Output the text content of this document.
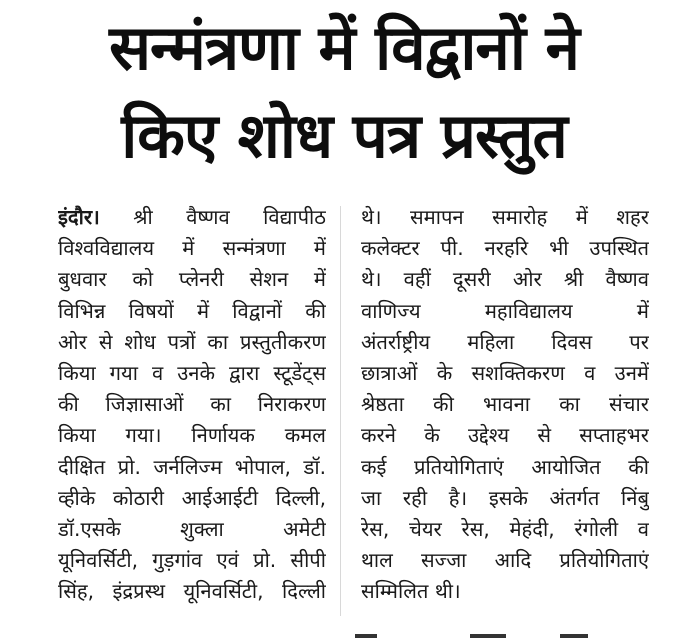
सन्मंत्रणा में विद्वानों ने
किए शोध पत्र प्रस्तुत
इंदौर। श्री वैष्णव विद्यापीठ
विश्वविद्यालय में सन्मंत्रणा में
बुधवार को प्लेनरी सेशन में
विभिन्न विषयों में विद्वानों की
ओर से शोध पत्रों का प्रस्तुतीकरण
किया गया व उनके द्वारा स्टूडेंट्स
की जिज्ञासाओं का निराकरण
किया गया। निर्णायक कमल
दीक्षित प्रो. जर्नलिज्म भोपाल, डॉ.
व्हीके कोठारी आईआईटी दिल्ली,
डॉ.एसके शुक्ला अमेटी
यूनिवर्सिटी, गुड़गांव एवं प्रो. सीपी
सिंह, इंद्रप्रस्थ यूनिवर्सिटी, दिल्ली
थे। समापन समारोह में शहर
कलेक्टर पी. नरहरि भी उपस्थित
थे। वहीं दूसरी ओर श्री वैष्णव
वाणिज्य महाविद्यालय में
अंतर्राष्ट्रीय महिला दिवस पर
छात्राओं के सशक्तिकरण व उनमें
श्रेष्ठता की भावना का संचार
करने के उद्देश्य से सप्ताहभर
कई प्रतियोगिताएं आयोजित की
जा रही है। इसके अंतर्गत निंबु
रेस, चेयर रेस, मेहंदी, रंगोली व
थाल सज्जा आदि प्रतियोगिताएं
सम्मिलित थी।
